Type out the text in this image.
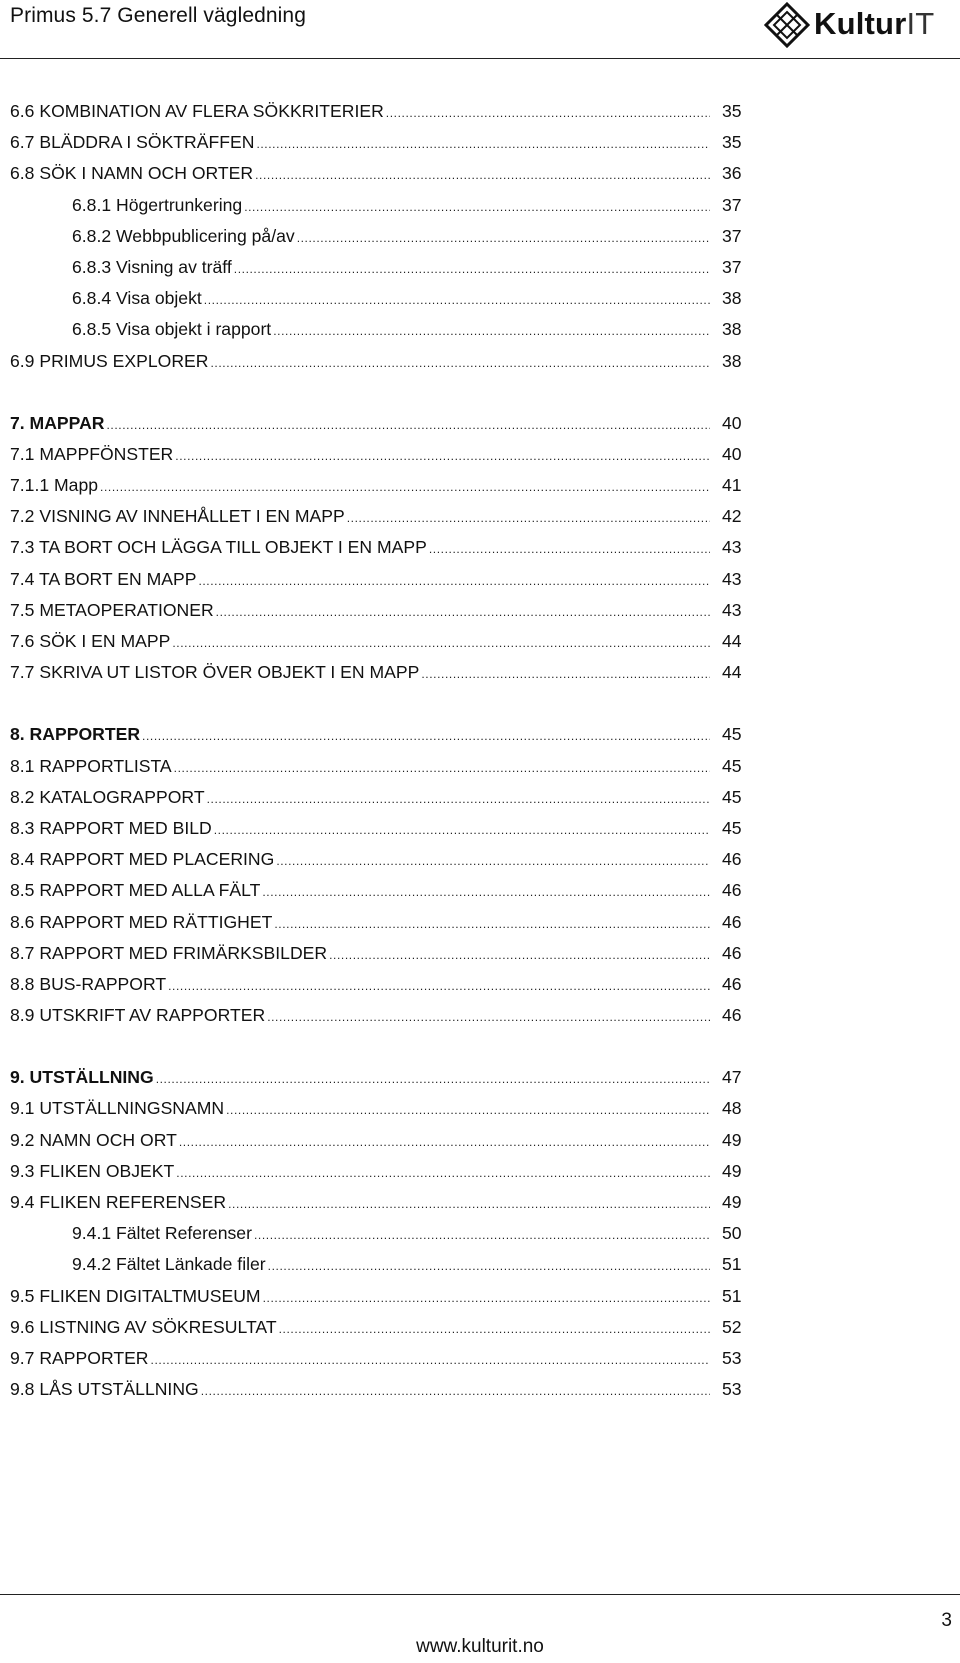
Primus 5.7 Generell vägledning	KulturIT
6.6 KOMBINATION AV FLERA SÖKKRITERIER .....	35
6.7 BLÄDDRA I SÖKTRÄFFEN .....	35
6.8 SÖK I NAMN OCH ORTER .....	36
6.8.1 Högertrunkering .....	37
6.8.2 Webbpublicering på/av .....	37
6.8.3 Visning av träff .....	37
6.8.4 Visa objekt .....	38
6.8.5 Visa objekt i rapport .....	38
6.9 PRIMUS EXPLORER .....	38
7. MAPPAR .....	40
7.1 MAPPFÖNSTER .....	40
7.1.1 Mapp .....	41
7.2 VISNING AV INNEHÅLLET I EN MAPP .....	42
7.3 TA BORT OCH LÄGGA TILL OBJEKT I EN MAPP .....	43
7.4 TA BORT EN MAPP .....	43
7.5 METAOPERATIONER .....	43
7.6 SÖK I EN MAPP .....	44
7.7 SKRIVA UT LISTOR ÖVER OBJEKT I EN MAPP .....	44
8. RAPPORTER .....	45
8.1 RAPPORTLISTA .....	45
8.2 KATALOGRAPPORT .....	45
8.3 RAPPORT MED BILD .....	45
8.4 RAPPORT MED PLACERING .....	46
8.5 RAPPORT MED ALLA FÄLT .....	46
8.6 RAPPORT MED RÄTTIGHET .....	46
8.7 RAPPORT MED FRIMÄRKSBILDER .....	46
8.8 BUS-RAPPORT .....	46
8.9 UTSKRIFT AV RAPPORTER .....	46
9. UTSTÄLLNING .....	47
9.1 UTSTÄLLNINGSNAMN .....	48
9.2 NAMN OCH ORT .....	49
9.3 FLIKEN OBJEKT .....	49
9.4 FLIKEN REFERENSER .....	49
9.4.1 Fältet Referenser .....	50
9.4.2 Fältet Länkade filer .....	51
9.5 FLIKEN DIGITALTMUSEUM .....	51
9.6 LISTNING AV SÖKRESULTAT .....	52
9.7 RAPPORTER .....	53
9.8 LÅS UTSTÄLLNING .....	53
3
www.kulturit.no
